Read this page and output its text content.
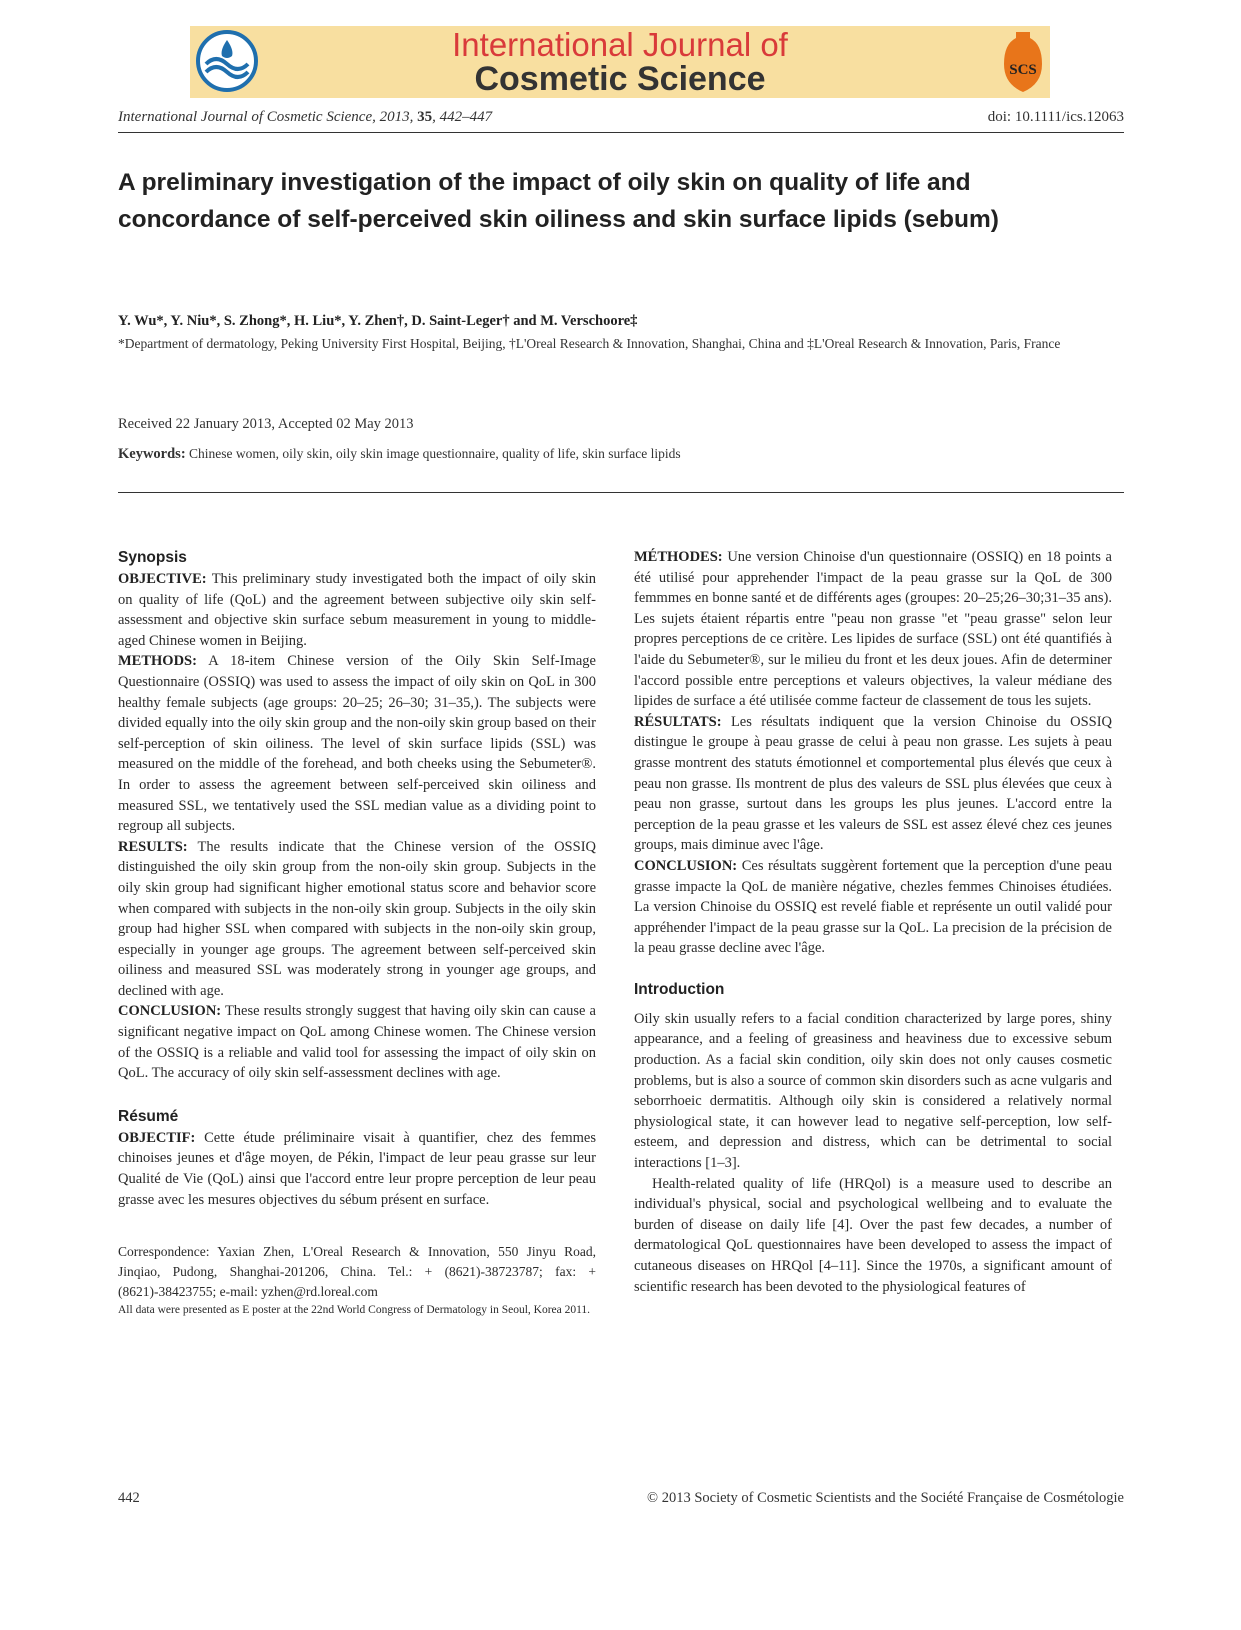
International Journal of
Cosmetic Science	SCS
International Journal of Cosmetic Science, 2013, 35, 442–447	doi: 10.1111/ics.12063
A preliminary investigation of the impact of oily skin on quality of life and concordance of self-perceived skin oiliness and skin surface lipids (sebum)
Y. Wu*, Y. Niu*, S. Zhong*, H. Liu*, Y. Zhen†, D. Saint-Leger† and M. Verschoore‡
*Department of dermatology, Peking University First Hospital, Beijing, †L'Oreal Research & Innovation, Shanghai, China and ‡L'Oreal Research & Innovation, Paris, France
Received 22 January 2013, Accepted 02 May 2013
Keywords: Chinese women, oily skin, oily skin image questionnaire, quality of life, skin surface lipids
Synopsis

OBJECTIVE: This preliminary study investigated both the impact of oily skin on quality of life (QoL) and the agreement between subjective oily skin self-assessment and objective skin surface sebum measurement in young to middle-aged Chinese women in Beijing.

METHODS: A 18-item Chinese version of the Oily Skin Self-Image Questionnaire (OSSIQ) was used to assess the impact of oily skin on QoL in 300 healthy female subjects (age groups: 20–25; 26–30; 31–35,). The subjects were divided equally into the oily skin group and the non-oily skin group based on their self-perception of skin oiliness. The level of skin surface lipids (SSL) was measured on the middle of the forehead, and both cheeks using the Sebumeter®. In order to assess the agreement between self-perceived skin oiliness and measured SSL, we tentatively used the SSL median value as a dividing point to regroup all subjects.

RESULTS: The results indicate that the Chinese version of the OSSIQ distinguished the oily skin group from the non-oily skin group. Subjects in the oily skin group had significant higher emotional status score and behavior score when compared with subjects in the non-oily skin group. Subjects in the oily skin group had higher SSL when compared with subjects in the non-oily skin group, especially in younger age groups. The agreement between self-perceived skin oiliness and measured SSL was moderately strong in younger age groups, and declined with age.

CONCLUSION: These results strongly suggest that having oily skin can cause a significant negative impact on QoL among Chinese women. The Chinese version of the OSSIQ is a reliable and valid tool for assessing the impact of oily skin on QoL. The accuracy of oily skin self-assessment declines with age.

Résumé

OBJECTIF: Cette étude préliminaire visait à quantifier, chez des femmes chinoises jeunes et d'âge moyen, de Pékin, l'impact de leur peau grasse sur leur Qualité de Vie (QoL) ainsi que l'accord entre leur propre perception de leur peau grasse avec les mesures objectives du sébum présent en surface.

Correspondence: Yaxian Zhen, L'Oreal Research & Innovation, 550 Jinyu Road, Jinqiao, Pudong, Shanghai-201206, China. Tel.: + (8621)-38723787; fax: +(8621)-38423755; e-mail: yzhen@rd.loreal.com

All data were presented as E poster at the 22nd World Congress of Dermatology in Seoul, Korea 2011.

MÉTHODES: Une version Chinoise d'un questionnaire (OSSIQ) en 18 points a été utilisé pour apprehender l'impact de la peau grasse sur la QoL de 300 femmmes en bonne santé et de différents ages (groupes: 20–25;26–30;31–35 ans). Les sujets étaient répartis entre "peau non grasse "et "peau grasse" selon leur propres perceptions de ce critère. Les lipides de surface (SSL) ont été quantifiés à l'aide du Sebumeter®, sur le milieu du front et les deux joues. Afin de determiner l'accord possible entre perceptions et valeurs objectives, la valeur médiane des lipides de surface a été utilisée comme facteur de classement de tous les sujets.

RÉSULTATS: Les résultats indiquent que la version Chinoise du OSSIQ distingue le groupe à peau grasse de celui à peau non grasse. Les sujets à peau grasse montrent des statuts émotionnel et comportemental plus élevés que ceux à peau non grasse. Ils montrent de plus des valeurs de SSL plus élevées que ceux à peau non grasse, surtout dans les groups les plus jeunes. L'accord entre la perception de la peau grasse et les valeurs de SSL est assez élevé chez ces jeunes groups, mais diminue avec l'âge.

CONCLUSION: Ces résultats suggèrent fortement que la perception d'une peau grasse impacte la QoL de manière négative, chezles femmes Chinoises étudiées. La version Chinoise du OSSIQ est revelé fiable et représente un outil validé pour appréhender l'impact de la peau grasse sur la QoL. La precision de la précision de la peau grasse decline avec l'âge.

Introduction

Oily skin usually refers to a facial condition characterized by large pores, shiny appearance, and a feeling of greasiness and heaviness due to excessive sebum production. As a facial skin condition, oily skin does not only causes cosmetic problems, but is also a source of common skin disorders such as acne vulgaris and seborrhoeic dermatitis. Although oily skin is considered a relatively normal physiological state, it can however lead to negative self-perception, low self-esteem, and depression and distress, which can be detrimental to social interactions [1–3].

Health-related quality of life (HRQol) is a measure used to describe an individual's physical, social and psychological wellbeing and to evaluate the burden of disease on daily life [4]. Over the past few decades, a number of dermatological QoL questionnaires have been developed to assess the impact of cutaneous diseases on HRQol [4–11]. Since the 1970s, a significant amount of scientific research has been devoted to the physiological features of

442	© 2013 Society of Cosmetic Scientists and the Société Française de Cosmétologie
